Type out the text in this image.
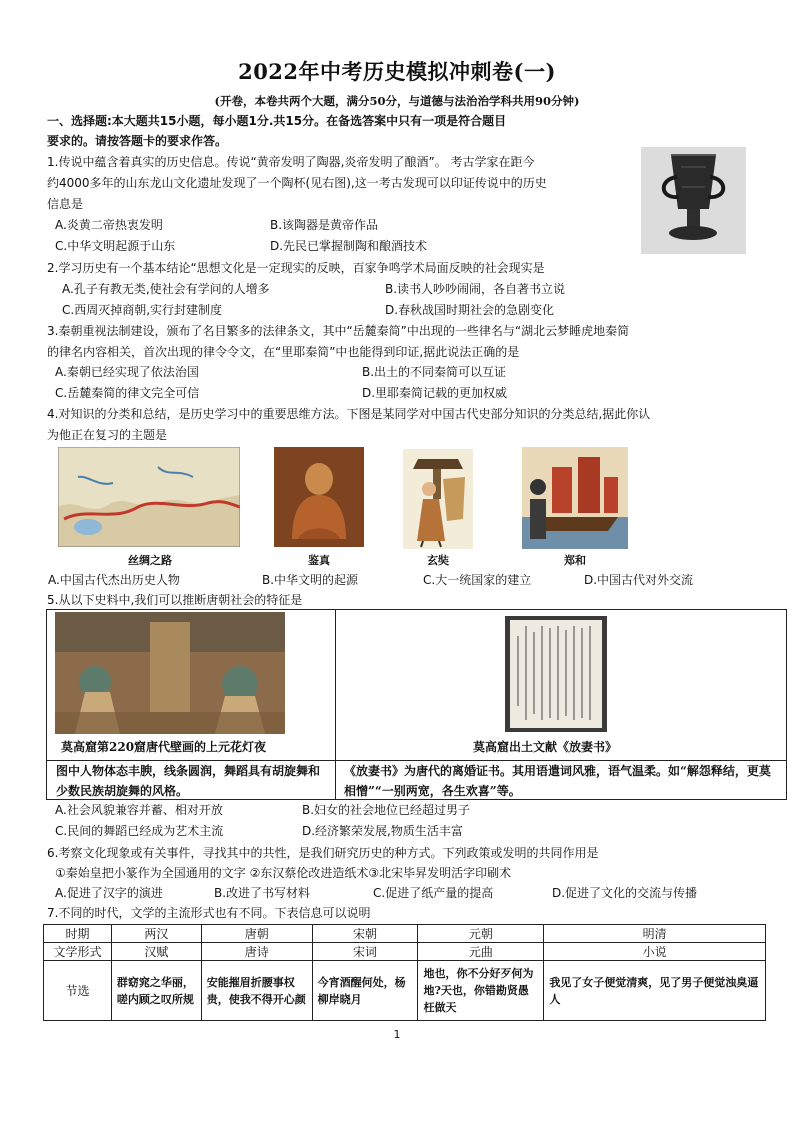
2022年中考历史模拟冲刺卷(一)
(开卷，本卷共两个大题，满分50分，与道德与法治治学科共用90分钟)
一、选择题:本大题共15小题，每小题1分.共15分。在备选答案中只有一项是符合题目
要求的。请按答题卡的要求作答。
1.传说中蕴含着真实的历史信息。传说“黄帝发明了陶器,炎帝发明了酿酒”。 考古学家在距今
约4000多年的山东龙山文化遗址发现了一个陶杯(见右图),这一考古发现可以印证传说中的历史
信息是
A.炎黄二帝热衷发明	B.该陶器是黄帝作品
C.中华文明起源于山东	D.先民已掌握制陶和酿酒技术
2.学习历史有一个基本结论“思想文化是一定现实的反映，百家争鸣学术局面反映的社会现实是
A.孔子有教无类,使社会有学问的人增多	B.读书人吵吵闹闹，各自著书立说
C.西周灭掉商朝,实行封建制度	D.春秋战国时期社会的急剧变化
3.秦朝重视法制建设，颁布了名目繁多的法律条文，其中“岳麓秦简”中出现的一些律名与“湖北云梦睡虎地秦简
的律名内容相关，首次出现的律令令文，在“里耶秦简”中也能得到印证,据此说法正确的是
A.秦朝已经实现了依法治国	B.出土的不同秦简可以互证
C.岳麓秦简的律文完全可信	D.里耶秦简记载的更加权威
4.对知识的分类和总结，是历史学习中的重要思维方法。下图是某同学对中国古代史部分知识的分类总结,据此你认
为他正在复习的主题是
丝绸之路	鉴真	玄奘	郑和
A.中国古代杰出历史人物	B.中华文明的起源	C.大一统国家的建立	D.中国古代对外交流
5.从以下史料中,我们可以推断唐朝社会的特征是
莫高窟第220窟唐代壁画的上元花灯夜	莫高窟出土文献《放妻书》
图中人物体态丰腴，线条圆润，舞蹈具有胡旋舞和少数民族胡旋舞的风格。
《放妻书》为唐代的离婚证书。其用语遣词风雅，语气温柔。如“解怨释结，更莫相憎”“一别两宽，各生欢喜”等。
A.社会风貌兼容并蓄、相对开放	B.妇女的社会地位已经超过男子
C.民间的舞蹈已经成为艺术主流	D.经济繁荣发展,物质生活丰富
6.考察文化现象或有关事件，寻找其中的共性，是我们研究历史的种方式。下列政策或发明的共同作用是
①秦始皇把小篆作为全国通用的文字 ②东汉蔡伦改进造纸术③北宋毕昇发明活字印刷术
A.促进了汉字的演进	B.改进了书写材料	C.促进了纸产量的提高	D.促进了文化的交流与传播
7.不同的时代，文学的主流形式也有不同。下表信息可以说明
时期	两汉	唐朝	宋朝	元朝	明清
文学形式	汉赋	唐诗	宋词	元曲	小说
节选	群窈窕之华丽，嗟内顾之叹所规	安能摧眉折腰事权贵，使我不得开心颜	今宵酒醒何处，杨柳岸晓月	地也，你不分好歹何为地?天也，你错勘贤愚枉做天	我见了女子便觉清爽，见了男子便觉浊臭逼人
1
